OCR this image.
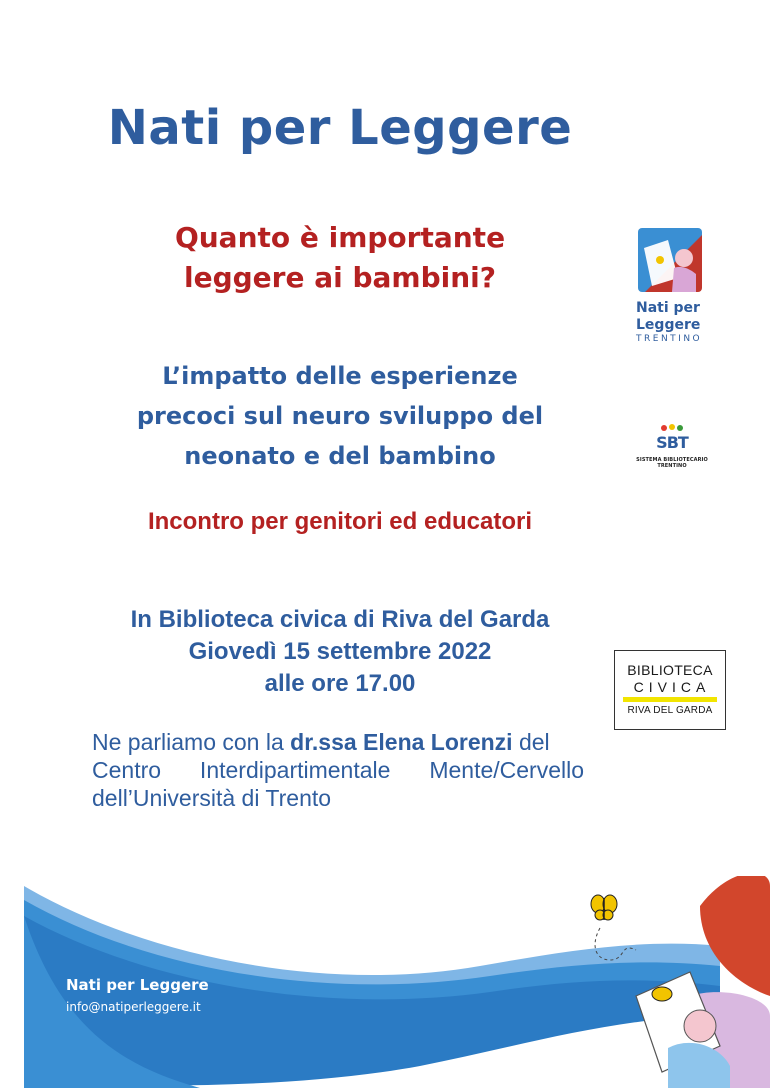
Nati per Leggere
Quanto è importante
leggere ai bambini?
L’impatto delle esperienze
precoci sul neuro sviluppo del
neonato e del bambino
Incontro per genitori ed educatori
In Biblioteca civica di Riva del Garda
Giovedì 15 settembre 2022
alle ore 17.00
Ne parliamo con la dr.ssa Elena Lorenzi del
Centro Interdipartimentale Mente/Cervello
dell’Università di Trento
Nati per
Leggere
TRENTINO
SBT
SISTEMA BIBLIOTECARIO TRENTINO
BIBLIOTECA
CIVICA
RIVA DEL GARDA
Nati per Leggere
info@natiperleggere.it
